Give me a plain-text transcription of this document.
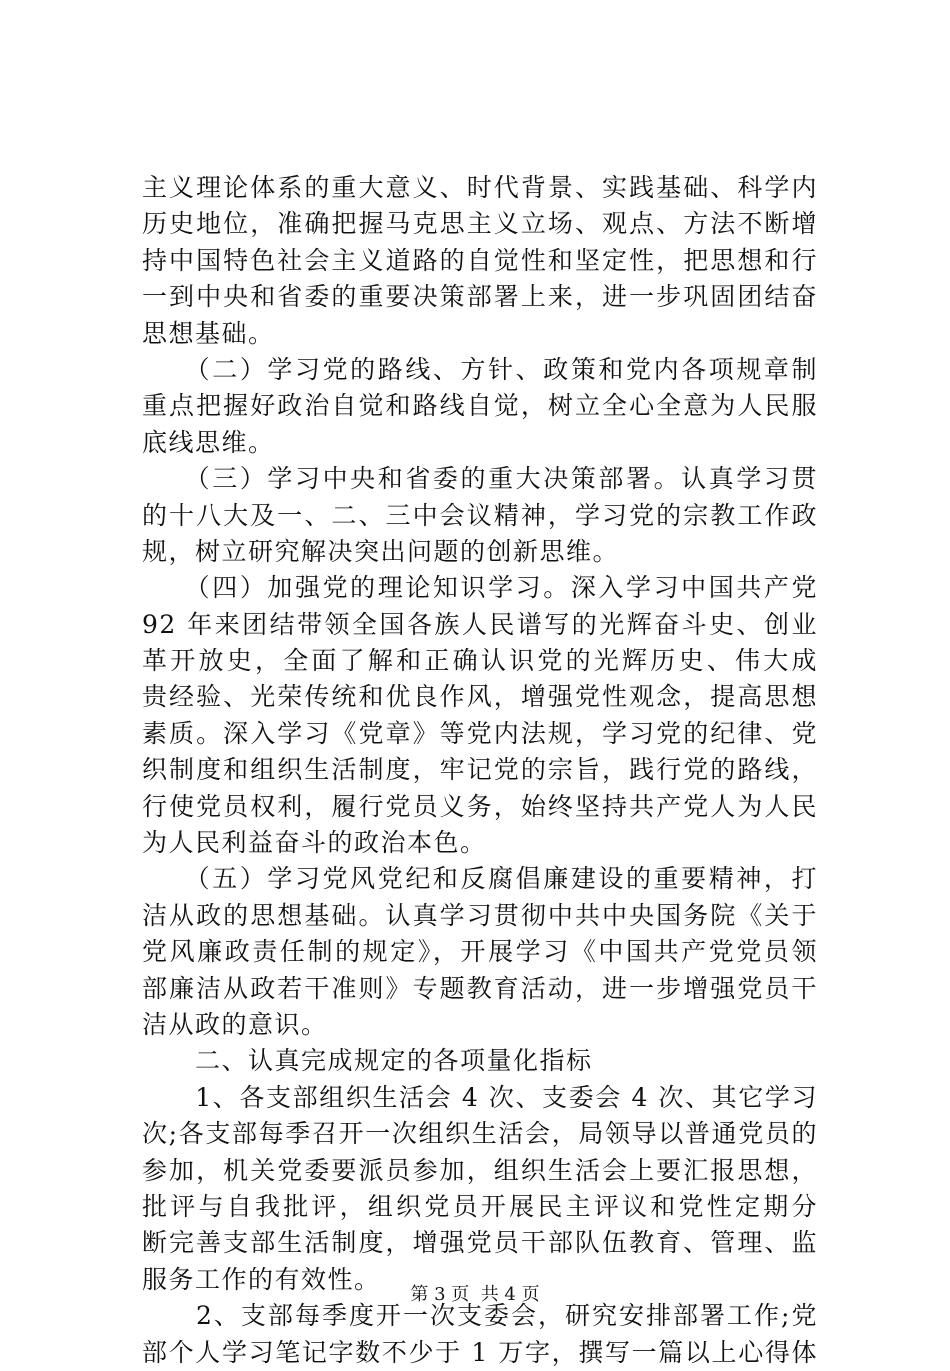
主义理论体系的重大意义、时代背景、实践基础、科学内
历史地位，准确把握马克思主义立场、观点、方法不断增
持中国特色社会主义道路的自觉性和坚定性，把思想和行
一到中央和省委的重要决策部署上来，进一步巩固团结奋
思想基础。
　　（二）学习党的路线、方针、政策和党内各项规章制
重点把握好政治自觉和路线自觉，树立全心全意为人民服
底线思维。
　　（三）学习中央和省委的重大决策部署。认真学习贯
的十八大及一、二、三中会议精神，学习党的宗教工作政
规，树立研究解决突出问题的创新思维。
　　（四）加强党的理论知识学习。深入学习中国共产党
92 年来团结带领全国各族人民谱写的光辉奋斗史、创业
革开放史，全面了解和正确认识党的光辉历史、伟大成
贵经验、光荣传统和优良作风，增强党性观念，提高思想
素质。深入学习《党章》等党内法规，学习党的纪律、党
织制度和组织生活制度，牢记党的宗旨，践行党的路线，
行使党员权利，履行党员义务，始终坚持共产党人为人民
为人民利益奋斗的政治本色。
　　（五）学习党风党纪和反腐倡廉建设的重要精神，打
洁从政的思想基础。认真学习贯彻中共中央国务院《关于
党风廉政责任制的规定》，开展学习《中国共产党党员领
部廉洁从政若干准则》专题教育活动，进一步增强党员干
洁从政的意识。
　　二、认真完成规定的各项量化指标
　　1、各支部组织生活会 4 次、支委会 4 次、其它学习
次;各支部每季召开一次组织生活会，局领导以普通党员的
参加，机关党委要派员参加，组织生活会上要汇报思想，
批评与自我批评，组织党员开展民主评议和党性定期分
断完善支部生活制度，增强党员干部队伍教育、管理、监
服务工作的有效性。
　　2、支部每季度开一次支委会，研究安排部署工作;党
部个人学习笔记字数不少于 1 万字，撰写一篇以上心得体
第 3 页  共 4 页
